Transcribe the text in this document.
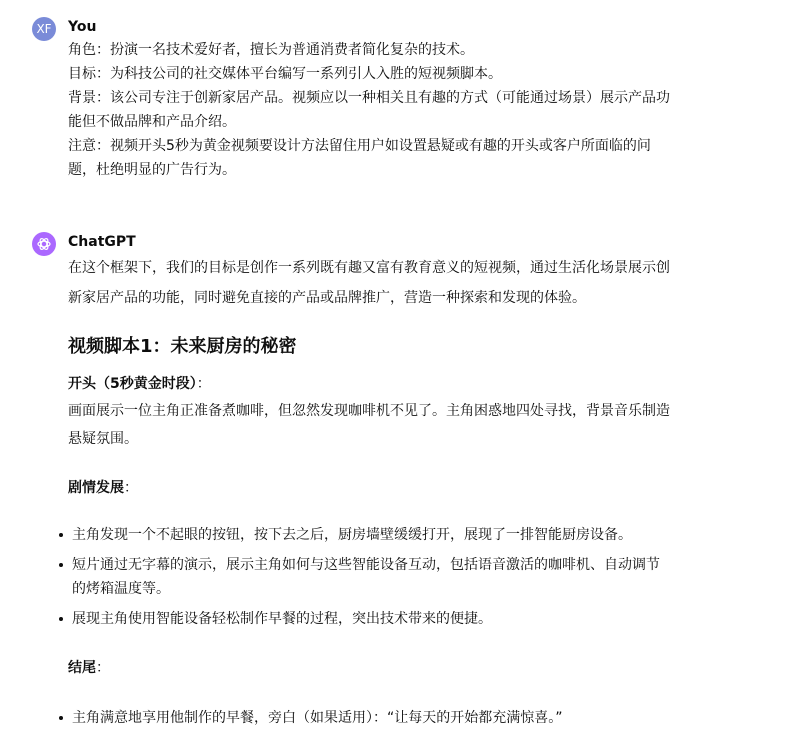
XF You
角色：扮演一名技术爱好者，擅长为普通消费者简化复杂的技术。
目标：为科技公司的社交媒体平台编写一系列引人入胜的短视频脚本。
背景：该公司专注于创新家居产品。视频应以一种相关且有趣的方式（可能通过场景）展示产品功
能但不做品牌和产品介绍。
注意：视频开头5秒为黄金视频要设计方法留住用户如设置悬疑或有趣的开头或客户所面临的问
题，杜绝明显的广告行为。
ChatGPT
在这个框架下，我们的目标是创作一系列既有趣又富有教育意义的短视频，通过生活化场景展示创
新家居产品的功能，同时避免直接的产品或品牌推广，营造一种探索和发现的体验。
视频脚本1：未来厨房的秘密
开头（5秒黄金时段）：
画面展示一位主角正准备煮咖啡，但忽然发现咖啡机不见了。主角困惑地四处寻找，背景音乐制造
悬疑氛围。
剧情发展：
主角发现一个不起眼的按钮，按下去之后，厨房墙壁缓缓打开，展现了一排智能厨房设备。
短片通过无字幕的演示，展示主角如何与这些智能设备互动，包括语音激活的咖啡机、自动调节
的烤箱温度等。
展现主角使用智能设备轻松制作早餐的过程，突出技术带来的便捷。
结尾：
主角满意地享用他制作的早餐，旁白（如果适用）：“让每天的开始都充满惊喜。”
